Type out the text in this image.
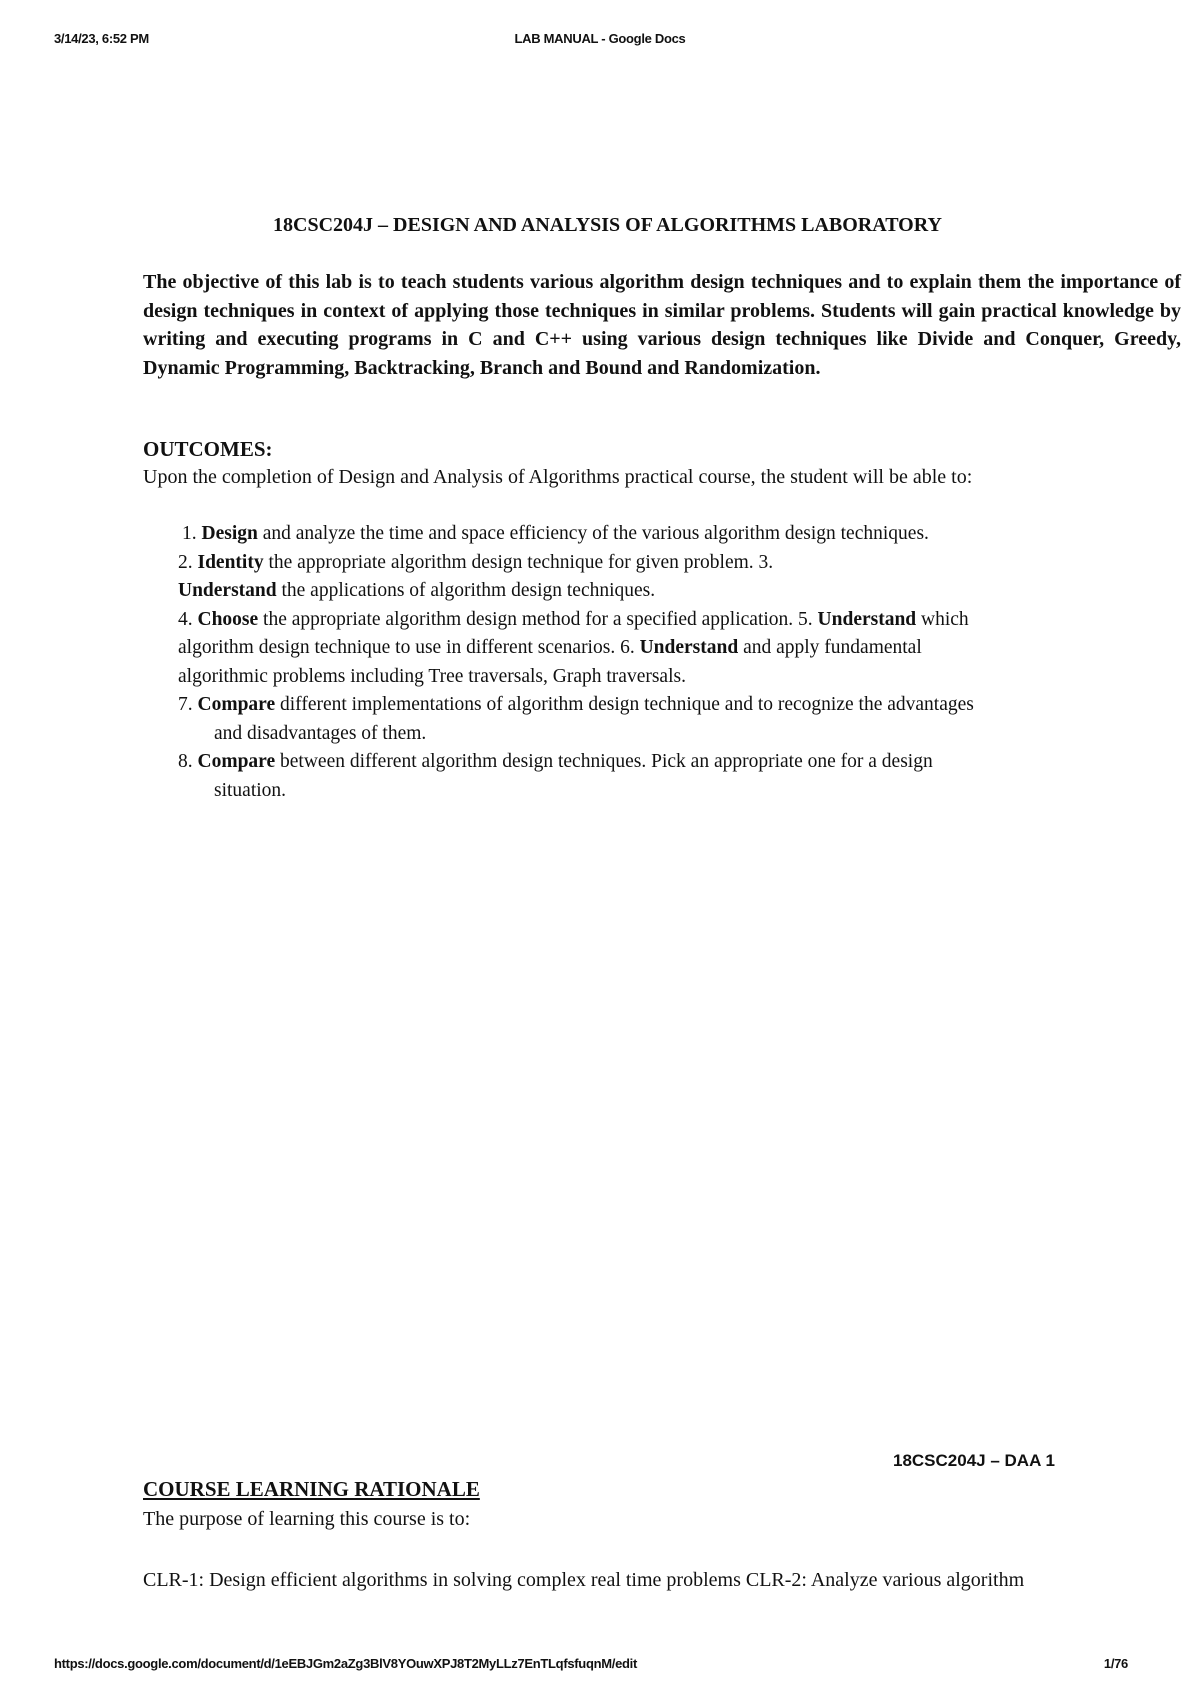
3/14/23, 6:52 PM	LAB MANUAL - Google Docs
18CSC204J – DESIGN AND ANALYSIS OF ALGORITHMS LABORATORY

The objective of this lab is to teach students various algorithm design techniques and to explain them the importance of design techniques in context of applying those techniques in similar problems. Students will gain practical knowledge by writing and executing programs in C and C++ using various design techniques like Divide and Conquer, Greedy, Dynamic Programming, Backtracking, Branch and Bound and Randomization.

OUTCOMES:
Upon the completion of Design and Analysis of Algorithms practical course, the student will be able to:
1. Design and analyze the time and space efficiency of the various algorithm design techniques.
2. Identity the appropriate algorithm design technique for given problem. 3.
Understand the applications of algorithm design techniques.
4. Choose the appropriate algorithm design method for a specified application. 5. Understand which
algorithm design technique to use in different scenarios. 6. Understand and apply fundamental
algorithmic problems including Tree traversals, Graph traversals.
7. Compare different implementations of algorithm design technique and to recognize the advantages
and disadvantages of them.
8. Compare between different algorithm design techniques. Pick an appropriate one for a design
situation.
18CSC204J – DAA 1
COURSE LEARNING RATIONALE
The purpose of learning this course is to:
CLR-1: Design efficient algorithms in solving complex real time problems CLR-2: Analyze various algorithm
https://docs.google.com/document/d/1eEBJGm2aZg3BlV8YOuwXPJ8T2MyLLz7EnTLqfsfuqnM/edit	1/76
